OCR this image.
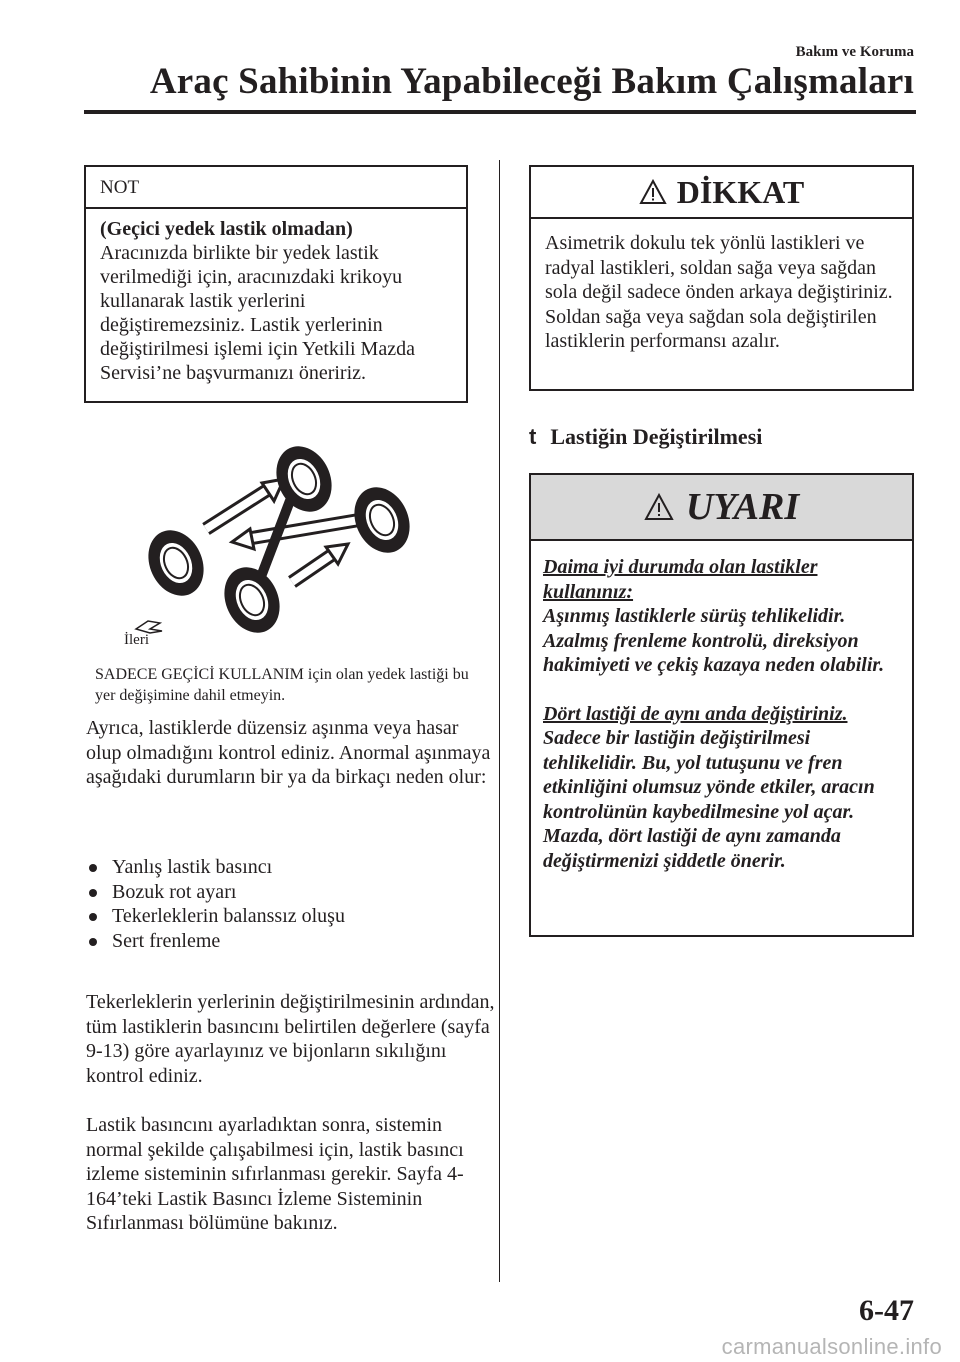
Bakım ve Koruma
Araç Sahibinin Yapabileceği Bakım Çalışmaları
NOT
(Geçici yedek lastik olmadan)
Aracınızda birlikte bir yedek lastik verilmediği için, aracınızdaki krikoyu kullanarak lastik yerlerini değiştiremezsiniz. Lastik yerlerinin değiştirilmesi işlemi için Yetkili Mazda Servisi’ne başvurmanızı öneririz.
İleri
SADECE GEÇİCİ KULLANIM için olan yedek lastiği bu yer değişimine dahil etmeyin.
Ayrıca, lastiklerde düzensiz aşınma veya hasar olup olmadığını kontrol ediniz. Anormal aşınmaya aşağıdaki durumların bir ya da birkaçı neden olur:
Yanlış lastik basıncı
Bozuk rot ayarı
Tekerleklerin balanssız oluşu
Sert frenleme
Tekerleklerin yerlerinin değiştirilmesinin ardından, tüm lastiklerin basıncını belirtilen değerlere (sayfa 9-13) göre ayarlayınız ve bijonların sıkılığını kontrol ediniz.
Lastik basıncını ayarladıktan sonra, sistemin normal şekilde çalışabilmesi için, lastik basıncı izleme sisteminin sıfırlanması gerekir. Sayfa 4-164’teki Lastik Basıncı İzleme Sisteminin Sıfırlanması bölümüne bakınız.
DİKKAT
Asimetrik dokulu tek yönlü lastikleri ve radyal lastikleri, soldan sağa veya sağdan sola değil sadece önden arkaya değiştiriniz. Soldan sağa veya sağdan sola değiştirilen lastiklerin performansı azalır.
t Lastiğin Değiştirilmesi
UYARI

Daima iyi durumda olan lastikler kullanınız:

Aşınmış lastiklerle sürüş tehlikelidir. Azalmış frenleme kontrolü, direksiyon hakimiyeti ve çekiş kazaya neden olabilir.

Dört lastiği de aynı anda değiştiriniz.

Sadece bir lastiğin değiştirilmesi tehlikelidir. Bu, yol tutuşunu ve fren etkinliğini olumsuz yönde etkiler, aracın kontrolünün kaybedilmesine yol açar. Mazda, dört lastiği de aynı zamanda değiştirmenizi şiddetle önerir.

6-47
carmanualsonline.info
